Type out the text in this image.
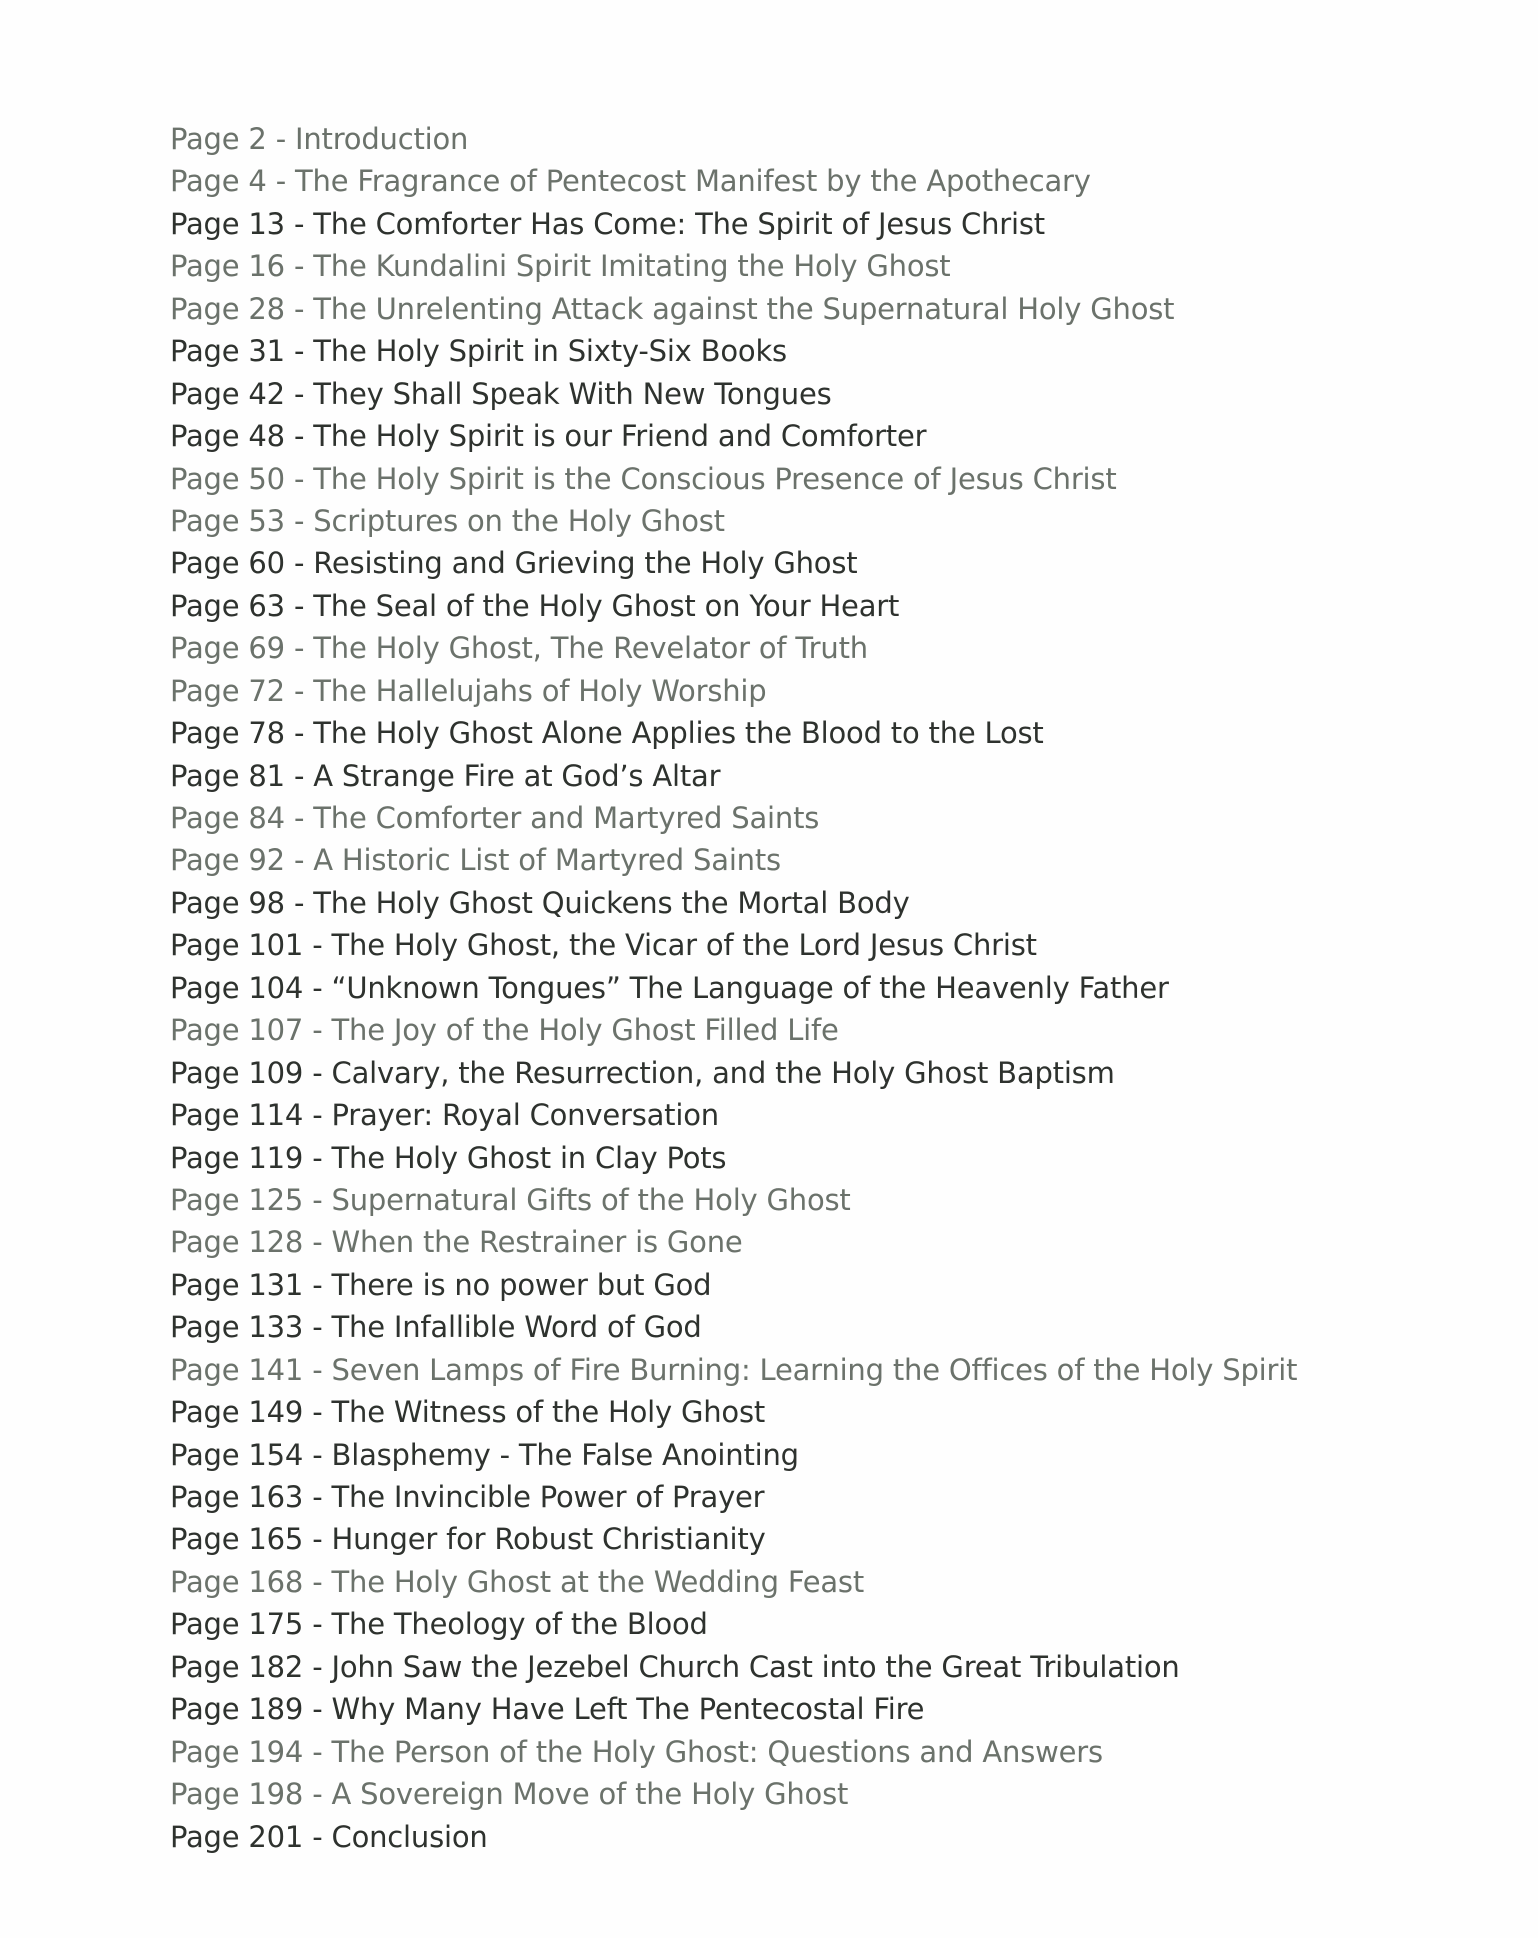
Page 2 - Introduction
Page 4 - The Fragrance of Pentecost Manifest by the Apothecary
Page 13 - The Comforter Has Come: The Spirit of Jesus Christ
Page 16 - The Kundalini Spirit Imitating the Holy Ghost
Page 28 - The Unrelenting Attack against the Supernatural Holy Ghost
Page 31 - The Holy Spirit in Sixty-Six Books
Page 42 - They Shall Speak With New Tongues
Page 48 - The Holy Spirit is our Friend and Comforter
Page 50 - The Holy Spirit is the Conscious Presence of Jesus Christ
Page 53 - Scriptures on the Holy Ghost
Page 60 - Resisting and Grieving the Holy Ghost
Page 63 - The Seal of the Holy Ghost on Your Heart
Page 69 - The Holy Ghost, The Revelator of Truth
Page 72 - The Hallelujahs of Holy Worship
Page 78 - The Holy Ghost Alone Applies the Blood to the Lost
Page 81 - A Strange Fire at God’s Altar
Page 84 - The Comforter and Martyred Saints
Page 92 - A Historic List of Martyred Saints
Page 98 - The Holy Ghost Quickens the Mortal Body
Page 101 - The Holy Ghost, the Vicar of the Lord Jesus Christ
Page 104 - “Unknown Tongues” The Language of the Heavenly Father
Page 107 - The Joy of the Holy Ghost Filled Life
Page 109 - Calvary, the Resurrection, and the Holy Ghost Baptism
Page 114 - Prayer: Royal Conversation
Page 119 - The Holy Ghost in Clay Pots
Page 125 - Supernatural Gifts of the Holy Ghost
Page 128 - When the Restrainer is Gone
Page 131 - There is no power but God
Page 133 - The Infallible Word of God
Page 141 - Seven Lamps of Fire Burning: Learning the Offices of the Holy Spirit
Page 149 - The Witness of the Holy Ghost
Page 154 - Blasphemy - The False Anointing
Page 163 - The Invincible Power of Prayer
Page 165 - Hunger for Robust Christianity
Page 168 - The Holy Ghost at the Wedding Feast
Page 175 - The Theology of the Blood
Page 182 - John Saw the Jezebel Church Cast into the Great Tribulation
Page 189 - Why Many Have Left The Pentecostal Fire
Page 194 - The Person of the Holy Ghost: Questions and Answers
Page 198 - A Sovereign Move of the Holy Ghost
Page 201 - Conclusion
